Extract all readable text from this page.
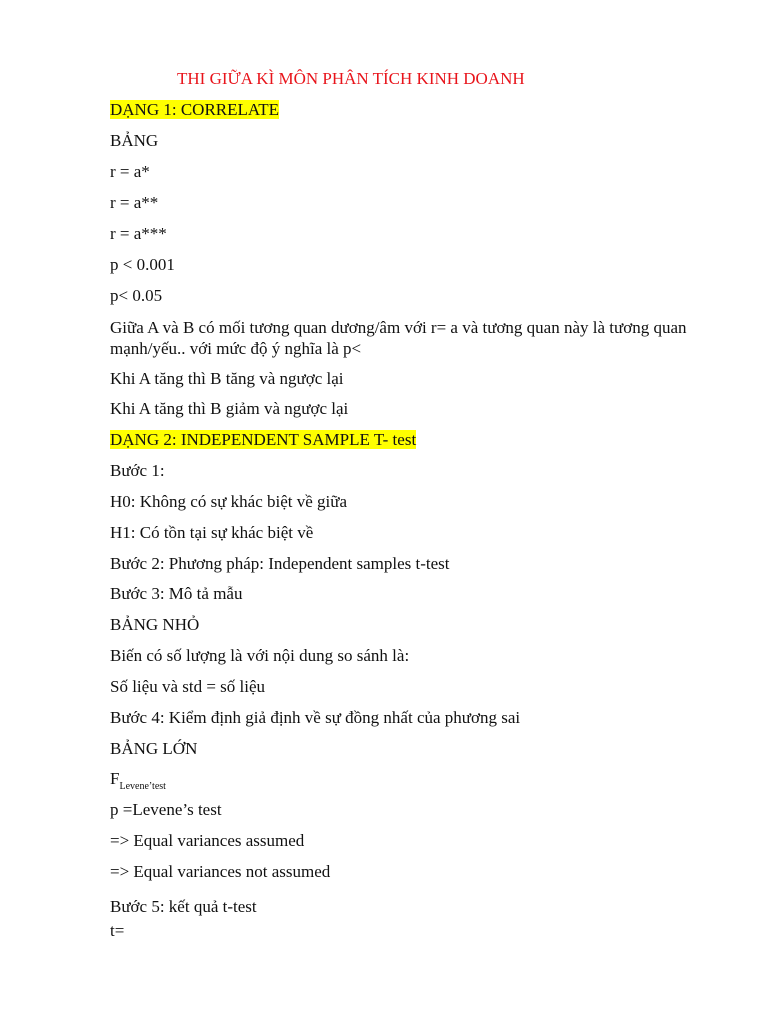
THI GIỮA KÌ MÔN PHÂN TÍCH KINH DOANH
DẠNG 1: CORRELATE
BẢNG
r = a*
r = a**
r = a***
p < 0.001
p< 0.05
Giữa A và B có mối tương quan dương/âm với r= a và tương quan này là tương quan mạnh/yếu.. với mức độ ý nghĩa là p<
Khi A tăng thì B tăng và ngược lại
Khi A tăng thì B giảm và ngược lại
DẠNG 2: INDEPENDENT SAMPLE T- test
Bước 1:
H0: Không có sự khác biệt về giữa
H1: Có tồn tại sự khác biệt về
Bước 2: Phương pháp: Independent samples t-test
Bước 3: Mô tả mẫu
BẢNG NHỎ
Biến có số lượng là với nội dung so sánh là:
Số liệu và std = số liệu
Bước 4: Kiểm định giả định về sự đồng nhất của phương sai
BẢNG LỚN
$F_{Levene’test}$
p =Levene’s test
=> Equal variances assumed
=> Equal variances not assumed
Bước 5: kết quả t-test
t=
